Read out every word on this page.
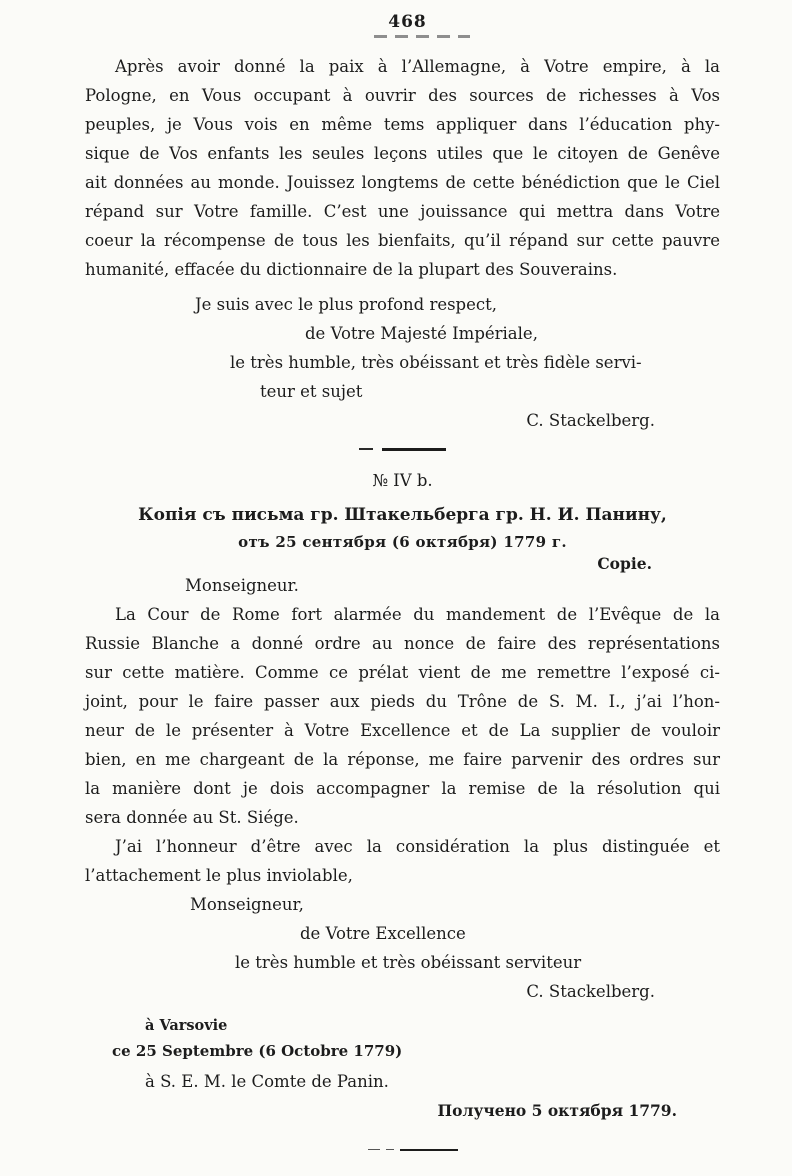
468
Après avoir donné la paix à l’Allemagne, à Votre empire, à la
Pologne, en Vous occupant à ouvrir des sources de richesses à Vos
peuples, je Vous vois en même tems appliquer dans l’éducation phy-
sique de Vos enfants les seules leçons utiles que le citoyen de Genêve
ait données au monde. Jouissez longtems de cette bénédiction que le Ciel
répand sur Votre famille. C’est une jouissance qui mettra dans Votre
coeur la récompense de tous les bienfaits, qu’il répand sur cette pauvre
humanité, effacée du dictionnaire de la plupart des Souverains.
Je suis avec le plus profond respect,
de Votre Majesté Impériale,
le très humble, très obéissant et très fidèle servi-
teur et sujet
C. Stackelberg.
№ IV b.
Копія съ письма гр. Штакельберга гр. Н. И. Панину,
отъ 25 сентября (6 октября) 1779 г.
Copie.
Monseigneur.
La Cour de Rome fort alarmée du mandement de l’Evêque de la
Russie Blanche a donné ordre au nonce de faire des représentations
sur cette matière. Comme ce prélat vient de me remettre l’exposé ci-
joint, pour le faire passer aux pieds du Trône de S. M. I., j’ai l’hon-
neur de le présenter à Votre Excellence et de La supplier de vouloir
bien, en me chargeant de la réponse, me faire parvenir des ordres sur
la manière dont je dois accompagner la remise de la résolution qui
sera donnée au St. Siége.
J’ai l’honneur d’être avec la considération la plus distinguée et
l’attachement le plus inviolable,
Monseigneur,
de Votre Excellence
le très humble et très obéissant serviteur
C. Stackelberg.
à Varsovie
ce 25 Septembre (6 Octobre 1779)
à S. E. M. le Comte de Panin.
Получено 5 октября 1779.
